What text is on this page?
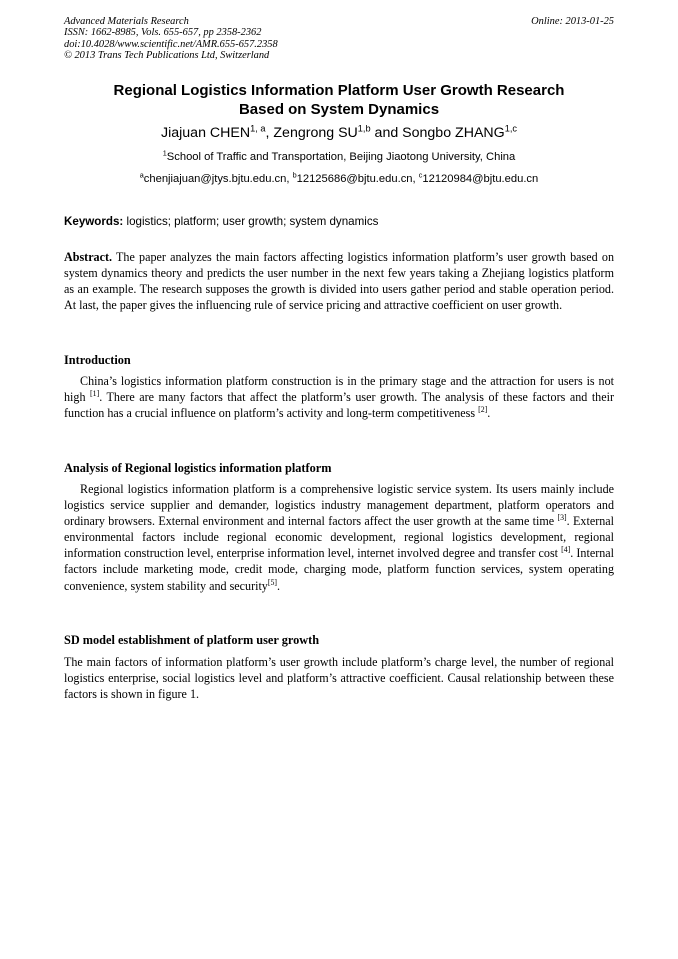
Advanced Materials Research
ISSN: 1662-8985, Vols. 655-657, pp 2358-2362
doi:10.4028/www.scientific.net/AMR.655-657.2358
© 2013 Trans Tech Publications Ltd, Switzerland
Online: 2013-01-25
Regional Logistics Information Platform User Growth Research
Based on System Dynamics
Jiajuan CHEN$^{1, a}$, Zengrong SU$^{1,b}$ and Songbo ZHANG$^{1,c}$
$^1$School of Traffic and Transportation, Beijing Jiaotong University, China
$^a$chenjiajuan@jtys.bjtu.edu.cn, $^b$12125686@bjtu.edu.cn, $^c$12120984@bjtu.edu.cn
Keywords: logistics; platform; user growth; system dynamics
Abstract. The paper analyzes the main factors affecting logistics information platform’s user growth based on system dynamics theory and predicts the user number in the next few years taking a Zhejiang logistics platform as an example. The research supposes the growth is divided into users gather period and stable operation period. At last, the paper gives the influencing rule of service pricing and attractive coefficient on user growth.
Introduction
China’s logistics information platform construction is in the primary stage and the attraction for users is not high [1]. There are many factors that affect the platform’s user growth. The analysis of these factors and their function has a crucial influence on platform’s activity and long-term competitiveness [2].
Analysis of Regional logistics information platform
Regional logistics information platform is a comprehensive logistic service system. Its users mainly include logistics service supplier and demander, logistics industry management department, platform operators and ordinary browsers. External environment and internal factors affect the user growth at the same time [3]. External environmental factors include regional economic development, regional logistics development, regional information construction level, enterprise information level, internet involved degree and transfer cost [4]. Internal factors include marketing mode, credit mode, charging mode, platform function services, system operating convenience, system stability and security[5].
SD model establishment of platform user growth
The main factors of information platform’s user growth include platform’s charge level, the number of regional logistics enterprise, social logistics level and platform’s attractive coefficient. Causal relationship between these factors is shown in figure 1.
